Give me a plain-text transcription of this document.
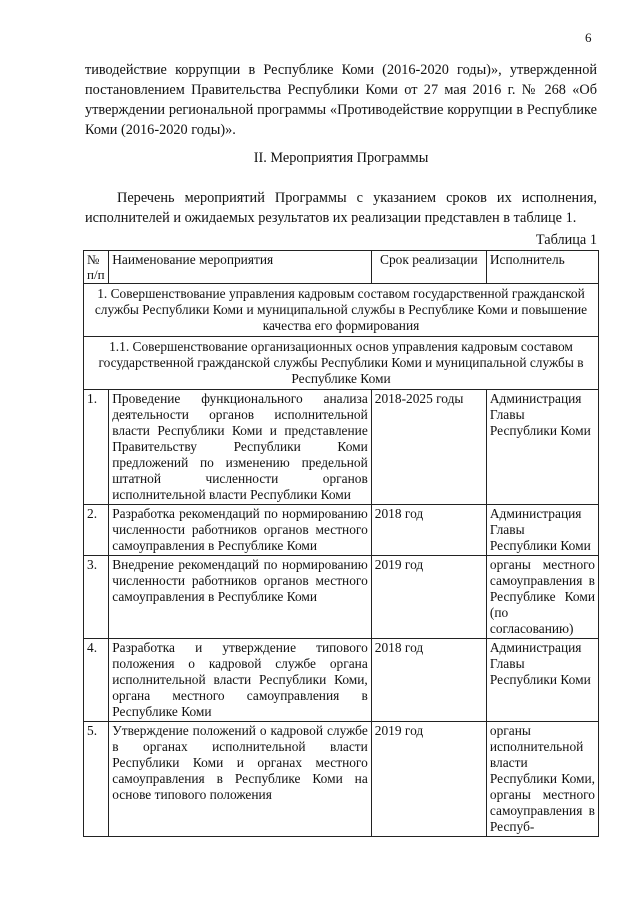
6

тиводействие коррупции в Республике Коми (2016-2020 годы)», утвержденной постановлением Правительства Республики Коми от 27 мая 2016 г. № 268 «Об утверждении региональной программы «Противодействие коррупции в Республике Коми (2016-2020 годы)».

II. Мероприятия Программы

Перечень мероприятий Программы с указанием сроков их исполнения, исполнителей и ожидаемых результатов их реализации представлен в таблице 1.

Таблица 1
№ п/п	Наименование мероприятия	Срок реализации	Исполнитель
1. Совершенствование управления кадровым составом государственной гражданской службы Республики Коми и муниципальной службы в Республике Коми и повышение качества его формирования			
1.1. Совершенствование организационных основ управления кадровым составом государственной гражданской службы Республики Коми и муниципальной службы в Республике Коми			
1.	Проведение функционального анализа деятельности органов исполнительной власти Республики Коми и представление Правительству Республики Коми предложений по изменению предельной штатной численности органов исполнительной власти Республики Коми	2018-2025 годы	Администрация Главы Республики Коми
2.	Разработка рекомендаций по нормированию численности работников органов местного самоуправления в Республике Коми	2018 год	Администрация Главы Республики Коми
3.	Внедрение рекомендаций по нормированию численности работников органов местного самоуправления в Республике Коми	2019 год	органы местного самоуправления в Республике Коми (по согласованию)
4.	Разработка и утверждение типового положения о кадровой службе органа исполнительной власти Республики Коми, органа местного самоуправления в Республике Коми	2018 год	Администрация Главы Республики Коми
5.	Утверждение положений о кадровой службе в органах исполнительной власти Республики Коми и органах местного самоуправления в Республике Коми на основе типового положения	2019 год	органы исполнительной власти Республики Коми, органы местного самоуправления в Респуб-
